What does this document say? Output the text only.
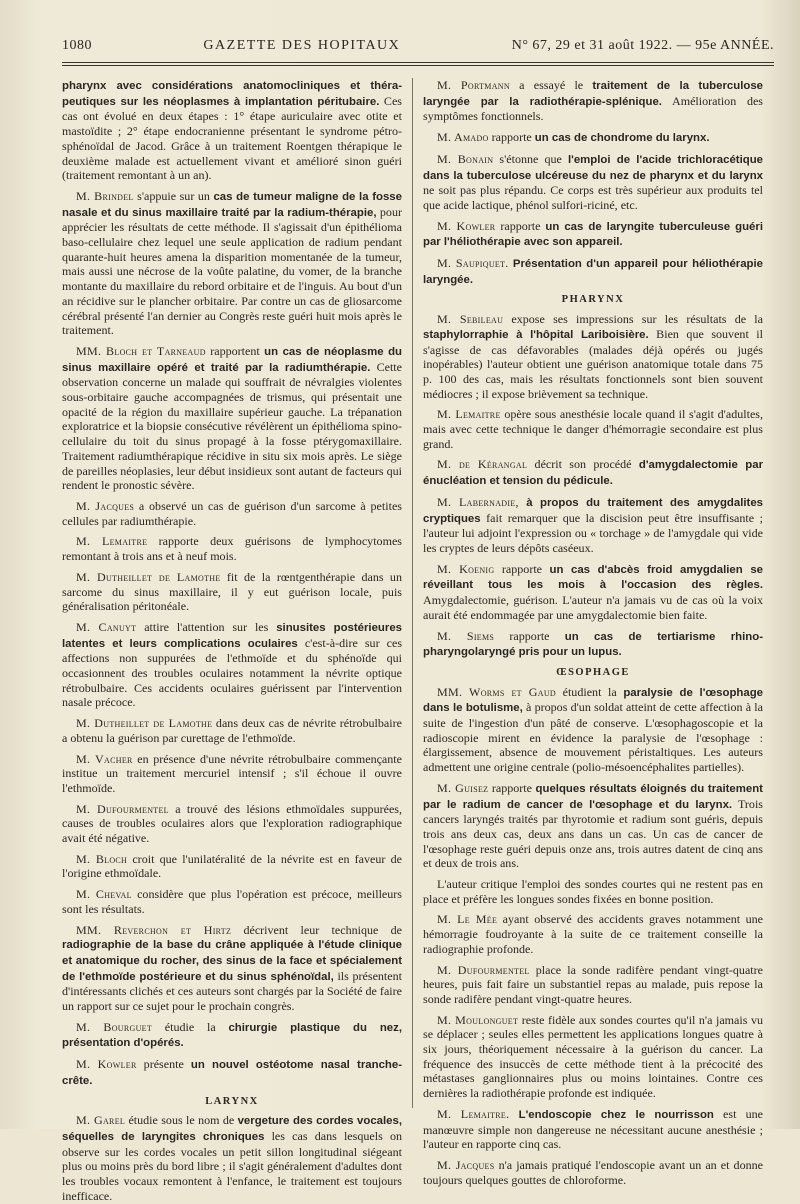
1080	GAZETTE DES HOPITAUX	N° 67, 29 et 31 août 1922. — 95e ANNÉE.

pharynx avec considérations anatomocliniques et théra-peutiques sur les néoplasmes à implantation péritubaire. Ces cas ont évolué en deux étapes : 1° étape auriculaire avec otite et mastoïdite ; 2° étape endocranienne présentant le syndrome pétro-sphénoïdal de Jacod. Grâce à un traitement Roentgen thérapique le deuxième malade est actuellement vivant et amélioré sinon guéri (traitement remontant à un an).

M. Brindel s'appuie sur un cas de tumeur maligne de la fosse nasale et du sinus maxillaire traité par la radium-thérapie, pour apprécier les résultats de cette méthode. Il s'agissait d'un épithélioma baso-cellulaire chez lequel une seule application de radium pendant quarante-huit heures amena la disparition momentanée de la tumeur, mais aussi une nécrose de la voûte palatine, du vomer, de la branche montante du maxillaire du rebord orbitaire et de l'inguis. Au bout d'un an récidive sur le plancher orbitaire. Par contre un cas de gliosarcome cérébral présenté l'an dernier au Congrès reste guéri huit mois après le traitement.

MM. Bloch et Tarneaud rapportent un cas de néoplasme du sinus maxillaire opéré et traité par la radiumthérapie. Cette observation concerne un malade qui souffrait de névralgies violentes sous-orbitaire gauche accompagnées de trismus, qui présentait une opacité de la région du maxillaire supérieur gauche. La trépanation exploratrice et la biopsie consécutive révélèrent un épithélioma spino-cellulaire du toit du sinus propagé à la fosse ptérygomaxillaire. Traitement radiumthérapique récidive in situ six mois après. Le siège de pareilles néoplasies, leur début insidieux sont autant de facteurs qui rendent le pronostic sévère.

M. Jacques a observé un cas de guérison d'un sarcome à petites cellules par radiumthérapie.

M. Lemaitre rapporte deux guérisons de lymphocytomes remontant à trois ans et à neuf mois.

M. Dutheillet de Lamothe fit de la rœntgenthérapie dans un sarcome du sinus maxillaire, il y eut guérison locale, puis généralisation péritonéale.

M. Canuyt attire l'attention sur les sinusites postérieures latentes et leurs complications oculaires c'est-à-dire sur ces affections non suppurées de l'ethmoïde et du sphénoïde qui occasionnent des troubles oculaires notamment la névrite optique rétrobulbaire. Ces accidents oculaires guérissent par l'intervention nasale précoce.

M. Dutheillet de Lamothe dans deux cas de névrite rétrobulbaire a obtenu la guérison par curettage de l'ethmoïde.

M. Vacher en présence d'une névrite rétrobulbaire commençante institue un traitement mercuriel intensif ; s'il échoue il ouvre l'ethmoïde.

M. Dufourmentel a trouvé des lésions ethmoïdales suppurées, causes de troubles oculaires alors que l'exploration radiographique avait été négative.

M. Bloch croit que l'unilatéralité de la névrite est en faveur de l'origine ethmoïdale.

M. Cheval considère que plus l'opération est précoce, meilleurs sont les résultats.

MM. Reverchon et Hirtz décrivent leur technique de radiographie de la base du crâne appliquée à l'étude clinique et anatomique du rocher, des sinus de la face et spécialement de l'ethmoïde postérieure et du sinus sphénoïdal, ils présentent d'intéressants clichés et ces auteurs sont chargés par la Société de faire un rapport sur ce sujet pour le prochain congrès.

M. Bourguet étudie la chirurgie plastique du nez, présentation d'opérés.

M. Kowler présente un nouvel ostéotome nasal tranche-crête.

LARYNX

M. Garel étudie sous le nom de vergeture des cordes vocales, séquelles de laryngites chroniques les cas dans lesquels on observe sur les cordes vocales un petit sillon longitudinal siégeant plus ou moins près du bord libre ; il s'agit généralement d'adultes dont les troubles vocaux remontent à l'enfance, le traitement est toujours inefficace.

M. Portmann a essayé le traitement de la tuberculose laryngée par la radiothérapie-splénique. Amélioration des symptômes fonctionnels.

M. Amado rapporte un cas de chondrome du larynx.

M. Bonain s'étonne que l'emploi de l'acide trichloracétique dans la tuberculose ulcéreuse du nez de pharynx et du larynx ne soit pas plus répandu. Ce corps est très supérieur aux produits tel que acide lactique, phénol sulfori-riciné, etc.

M. Kowler rapporte un cas de laryngite tuberculeuse guéri par l'héliothérapie avec son appareil.

M. Saupiquet. Présentation d'un appareil pour héliothérapie laryngée.

PHARYNX

M. Sebileau expose ses impressions sur les résultats de la staphylorraphie à l'hôpital Lariboisière. Bien que souvent il s'agisse de cas défavorables (malades déjà opérés ou jugés inopérables) l'auteur obtient une guérison anatomique totale dans 75 p. 100 des cas, mais les résultats fonctionnels sont bien souvent médiocres ; il expose brièvement sa technique.

M. Lemaitre opère sous anesthésie locale quand il s'agit d'adultes, mais avec cette technique le danger d'hémorragie secondaire est plus grand.

M. de Kérangal décrit son procédé d'amygdalectomie par énucléation et tension du pédicule.

M. Labernadie, à propos du traitement des amygdalites cryptiques fait remarquer que la discision peut être insuffisante ; l'auteur lui adjoint l'expression ou « torchage » de l'amygdale qui vide les cryptes de leurs dépôts caséeux.

M. Koenig rapporte un cas d'abcès froid amygdalien se réveillant tous les mois à l'occasion des règles. Amygdalectomie, guérison. L'auteur n'a jamais vu de cas où la voix aurait été endommagée par une amygdalectomie bien faite.

M. Siems rapporte un cas de tertiarisme rhino-pharyngolaryngé pris pour un lupus.

ŒSOPHAGE

MM. Worms et Gaud étudient la paralysie de l'œsophage dans le botulisme, à propos d'un soldat atteint de cette affection à la suite de l'ingestion d'un pâté de conserve. L'œsophagoscopie et la radioscopie mirent en évidence la paralysie de l'œsophage : élargissement, absence de mouvement péristaltiques. Les auteurs admettent une origine centrale (polio-mésoencéphalites partielles).

M. Guisez rapporte quelques résultats éloignés du traitement par le radium de cancer de l'œsophage et du larynx. Trois cancers laryngés traités par thyrotomie et radium sont guéris, depuis trois ans deux cas, deux ans dans un cas. Un cas de cancer de l'œsophage reste guéri depuis onze ans, trois autres datent de cinq ans et deux de trois ans.

L'auteur critique l'emploi des sondes courtes qui ne restent pas en place et préfère les longues sondes fixées en bonne position.

M. Le Mée ayant observé des accidents graves notamment une hémorragie foudroyante à la suite de ce traitement conseille la radiographie profonde.

M. Dufourmentel place la sonde radifère pendant vingt-quatre heures, puis fait faire un substantiel repas au malade, puis repose la sonde radifère pendant vingt-quatre heures.

M. Moulonguet reste fidèle aux sondes courtes qu'il n'a jamais vu se déplacer ; seules elles permettent les applications longues quatre à six jours, théoriquement nécessaire à la guérison du cancer. La fréquence des insuccès de cette méthode tient à la précocité des métastases ganglionnaires plus ou moins lointaines. Contre ces dernières la radiothérapie profonde est indiquée.

M. Lemaitre. L'endoscopie chez le nourrisson est une manœuvre simple non dangereuse ne nécessitant aucune anesthésie ; l'auteur en rapporte cinq cas.

M. Jacques n'a jamais pratiqué l'endoscopie avant un an et donne toujours quelques gouttes de chloroforme.
